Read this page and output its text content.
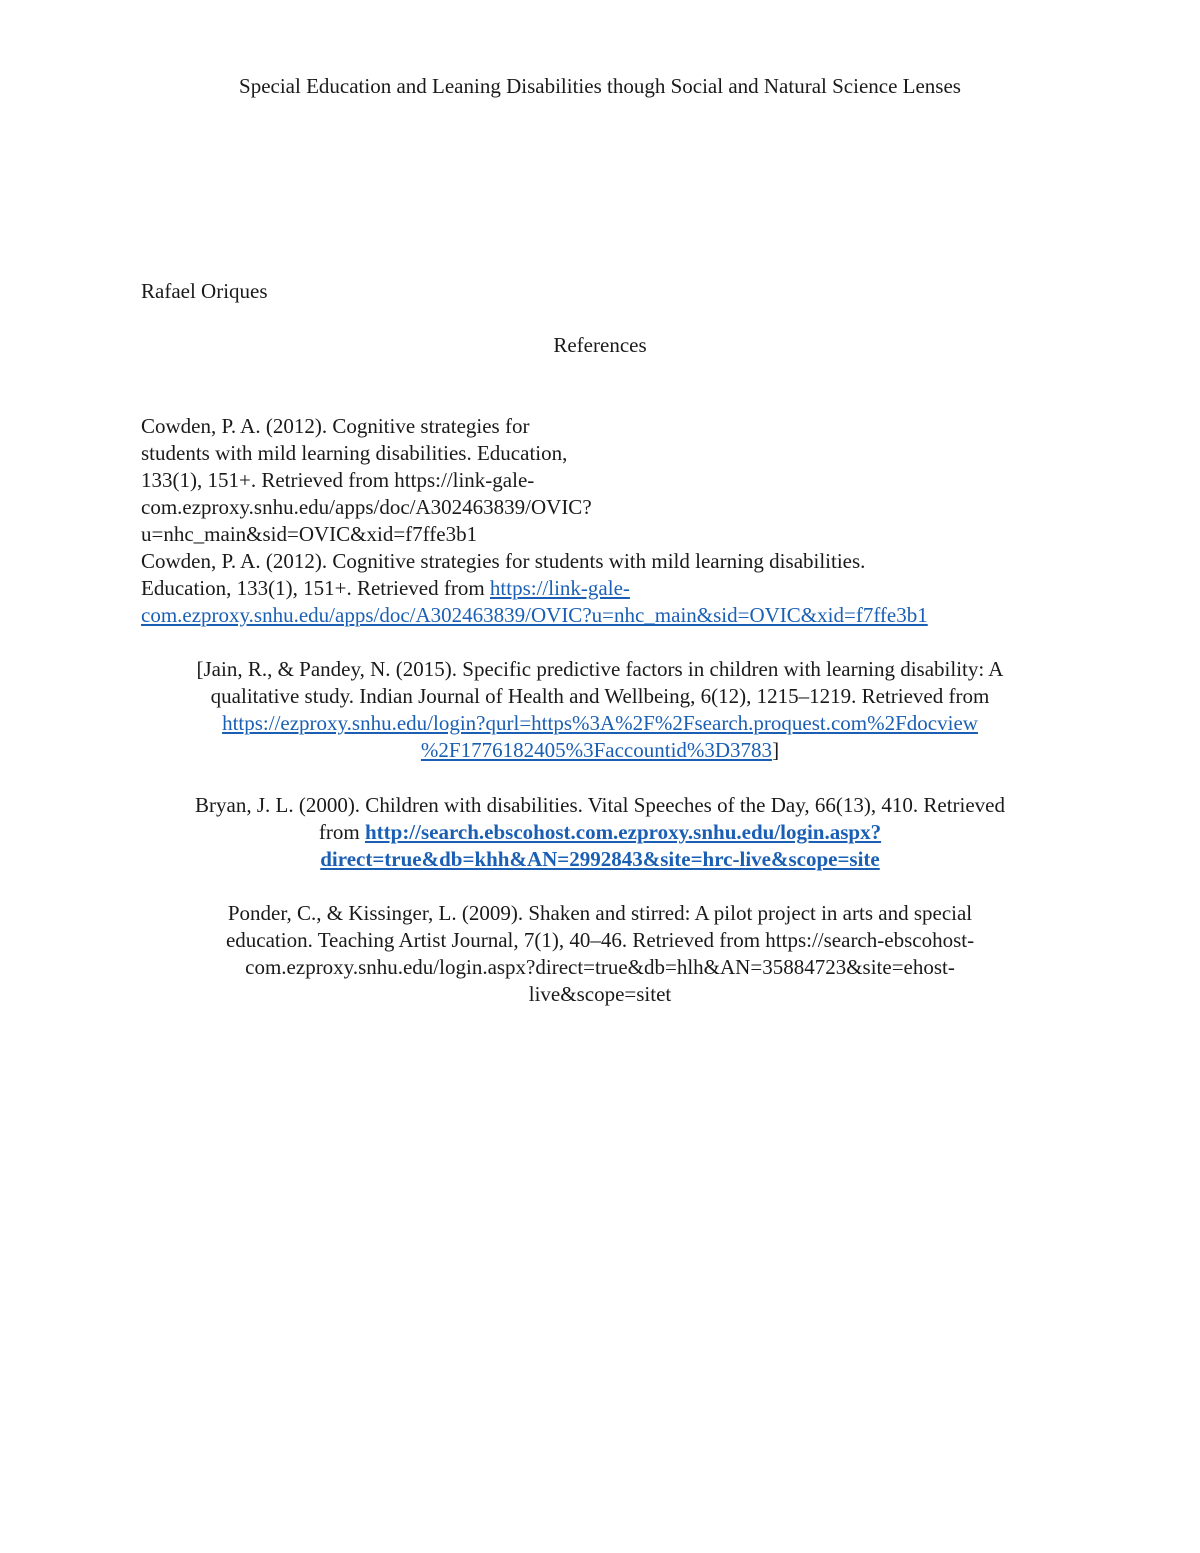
Special Education and Leaning Disabilities though Social and Natural Science Lenses
Rafael Oriques
References
Cowden, P. A. (2012). Cognitive strategies for
students with mild learning disabilities. Education,
133(1), 151+. Retrieved from https://link-gale-
com.ezproxy.snhu.edu/apps/doc/A302463839/OVIC?
u=nhc_main&sid=OVIC&xid=f7ffe3b1
Cowden, P. A. (2012). Cognitive strategies for students with mild learning disabilities.
Education, 133(1), 151+. Retrieved from https://link-gale-
com.ezproxy.snhu.edu/apps/doc/A302463839/OVIC?u=nhc_main&sid=OVIC&xid=f7ffe3b1
[Jain, R., & Pandey, N. (2015). Specific predictive factors in children with learning disability: A
qualitative study. Indian Journal of Health and Wellbeing, 6(12), 1215–1219. Retrieved from
https://ezproxy.snhu.edu/login?qurl=https%3A%2F%2Fsearch.proquest.com%2Fdocview
%2F1776182405%3Faccountid%3D3783]
Bryan, J. L. (2000). Children with disabilities. Vital Speeches of the Day, 66(13), 410. Retrieved
from http://search.ebscohost.com.ezproxy.snhu.edu/login.aspx?
direct=true&db=khh&AN=2992843&site=hrc-live&scope=site
Ponder, C., & Kissinger, L. (2009). Shaken and stirred: A pilot project in arts and special
education. Teaching Artist Journal, 7(1), 40–46. Retrieved from https://search-ebscohost-
com.ezproxy.snhu.edu/login.aspx?direct=true&db=hlh&AN=35884723&site=ehost-
live&scope=sitet
